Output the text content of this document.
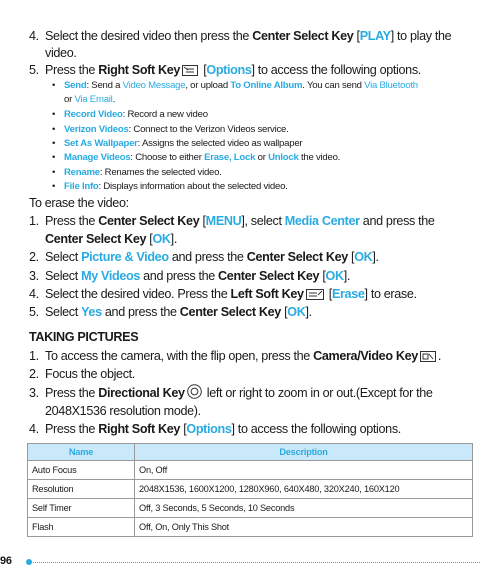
4. Select the desired video then press the Center Select Key [PLAY] to play the
video.
5. Press the Right Soft Key [Options] to access the following options.
• Send: Send a Video Message, or upload To Online Album. You can send Via Bluetooth
or Via Email.
• Record Video: Record a new video
• Verizon Videos: Connect to the Verizon Videos service.
• Set As Wallpaper: Assigns the selected video as wallpaper
• Manage Videos: Choose to either Erase, Lock or Unlock the video.
• Rename: Renames the selected video.
• File Info: Displays information about the selected video.
To erase the video:
1. Press the Center Select Key [MENU], select Media Center and press the
Center Select Key [OK].
2. Select Picture & Video and press the Center Select Key [OK].
3. Select My Videos and press the Center Select Key [OK].
4. Select the desired video. Press the Left Soft Key [Erase] to erase.
5. Select Yes and press the Center Select Key [OK].
TAKING PICTURES
1. To access the camera, with the flip open, press the Camera/Video Key .
2. Focus the object.
3. Press the Directional Key left or right to zoom in or out.(Except for the
2048X1536 resolution mode).
4. Press the Right Soft Key [Options] to access the following options.
Name	Description
Auto Focus	On, Off
Resolution	2048X1536, 1600X1200, 1280X960, 640X480, 320X240, 160X120
Self Timer	Off, 3 Seconds, 5 Seconds, 10 Seconds
Flash	Off, On, Only This Shot
96
